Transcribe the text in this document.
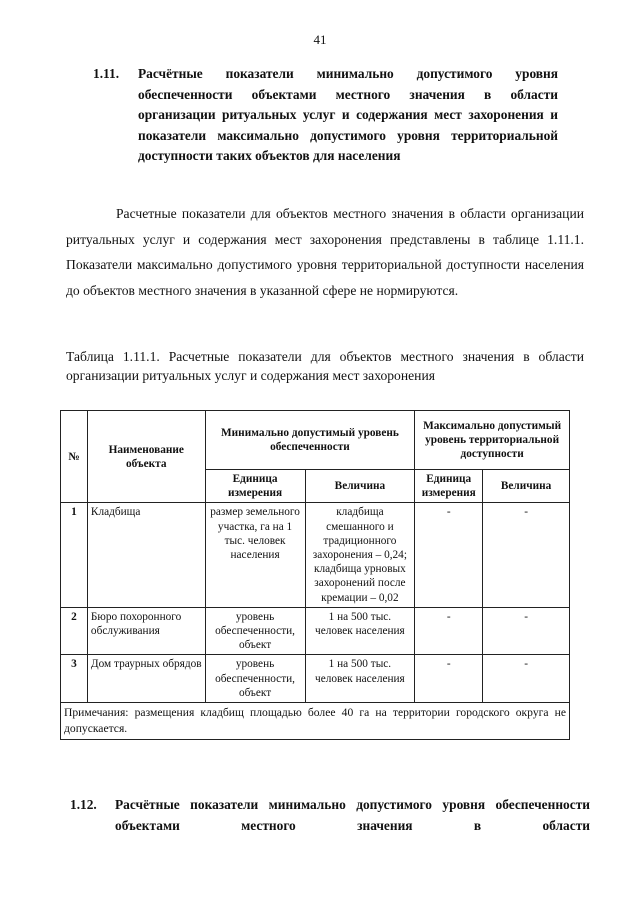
41
1.11.	Расчётные показатели минимально допустимого уровня обеспеченности объектами местного значения в области организации ритуальных услуг и содержания мест захоронения и показатели максимально допустимого уровня территориальной доступности таких объектов для населения
Расчетные показатели для объектов местного значения в области организации ритуальных услуг и содержания мест захоронения представлены в таблице 1.11.1. Показатели максимально допустимого уровня территориальной доступности населения до объектов местного значения в указанной сфере не нормируются.
Таблица 1.11.1. Расчетные показатели для объектов местного значения в области организации ритуальных услуг и содержания мест захоронения
№	Наименование объекта	Минимально допустимый уровень обеспеченности		Максимально допустимый уровень территориальной доступности	
		Единица измерения	Величина	Единица измерения	Величина
1	Кладбища	размер земельного участка, га на 1 тыс. человек населения	кладбища смешанного и традиционного захоронения – 0,24; кладбища урновых захоронений после кремации – 0,02	-	-
2	Бюро похоронного обслуживания	уровень обеспеченности, объект	1 на 500 тыс. человек населения	-	-
3	Дом траурных обрядов	уровень обеспеченности, объект	1 на 500 тыс. человек населения	-	-
Примечания: размещения кладбищ площадью более 40 га на территории городского округа не допускается.					
1.12.	Расчётные показатели минимально допустимого уровня обеспеченности объектами местного значения в области
